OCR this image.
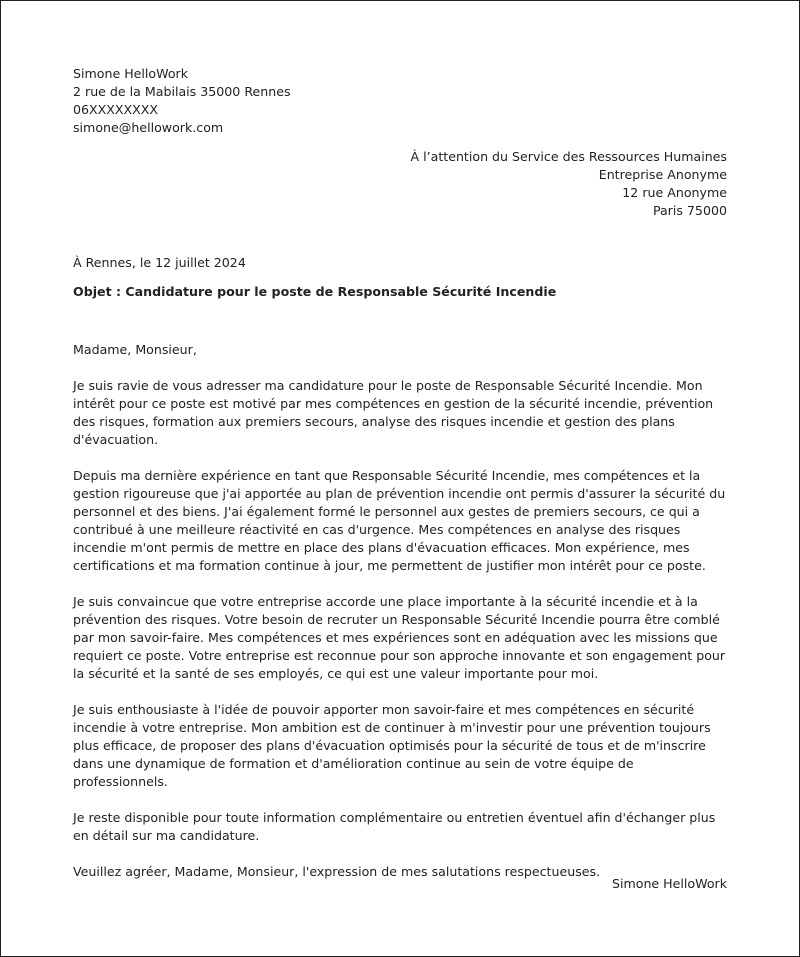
Simone HelloWork
2 rue de la Mabilais 35000 Rennes
06XXXXXXXX
simone@hellowork.com
À l’attention du Service des Ressources Humaines
Entreprise Anonyme
12 rue Anonyme
Paris 75000
À Rennes, le 12 juillet 2024
Objet : Candidature pour le poste de Responsable Sécurité Incendie

Madame, Monsieur,

Je suis ravie de vous adresser ma candidature pour le poste de Responsable Sécurité Incendie. Mon intérêt pour ce poste est motivé par mes compétences en gestion de la sécurité incendie, prévention des risques, formation aux premiers secours, analyse des risques incendie et gestion des plans d'évacuation.

Depuis ma dernière expérience en tant que Responsable Sécurité Incendie, mes compétences et la gestion rigoureuse que j'ai apportée au plan de prévention incendie ont permis d'assurer la sécurité du personnel et des biens. J'ai également formé le personnel aux gestes de premiers secours, ce qui a contribué à une meilleure réactivité en cas d'urgence. Mes compétences en analyse des risques incendie m'ont permis de mettre en place des plans d'évacuation efficaces. Mon expérience, mes certifications et ma formation continue à jour, me permettent de justifier mon intérêt pour ce poste.

Je suis convaincue que votre entreprise accorde une place importante à la sécurité incendie et à la prévention des risques. Votre besoin de recruter un Responsable Sécurité Incendie pourra être comblé par mon savoir-faire. Mes compétences et mes expériences sont en adéquation avec les missions que requiert ce poste. Votre entreprise est reconnue pour son approche innovante et son engagement pour la sécurité et la santé de ses employés, ce qui est une valeur importante pour moi.

Je suis enthousiaste à l'idée de pouvoir apporter mon savoir-faire et mes compétences en sécurité incendie à votre entreprise. Mon ambition est de continuer à m'investir pour une prévention toujours plus efficace, de proposer des plans d'évacuation optimisés pour la sécurité de tous et de m'inscrire dans une dynamique de formation et d'amélioration continue au sein de votre équipe de professionnels.

Je reste disponible pour toute information complémentaire ou entretien éventuel afin d'échanger plus en détail sur ma candidature.

Veuillez agréer, Madame, Monsieur, l'expression de mes salutations respectueuses.

Simone HelloWork
